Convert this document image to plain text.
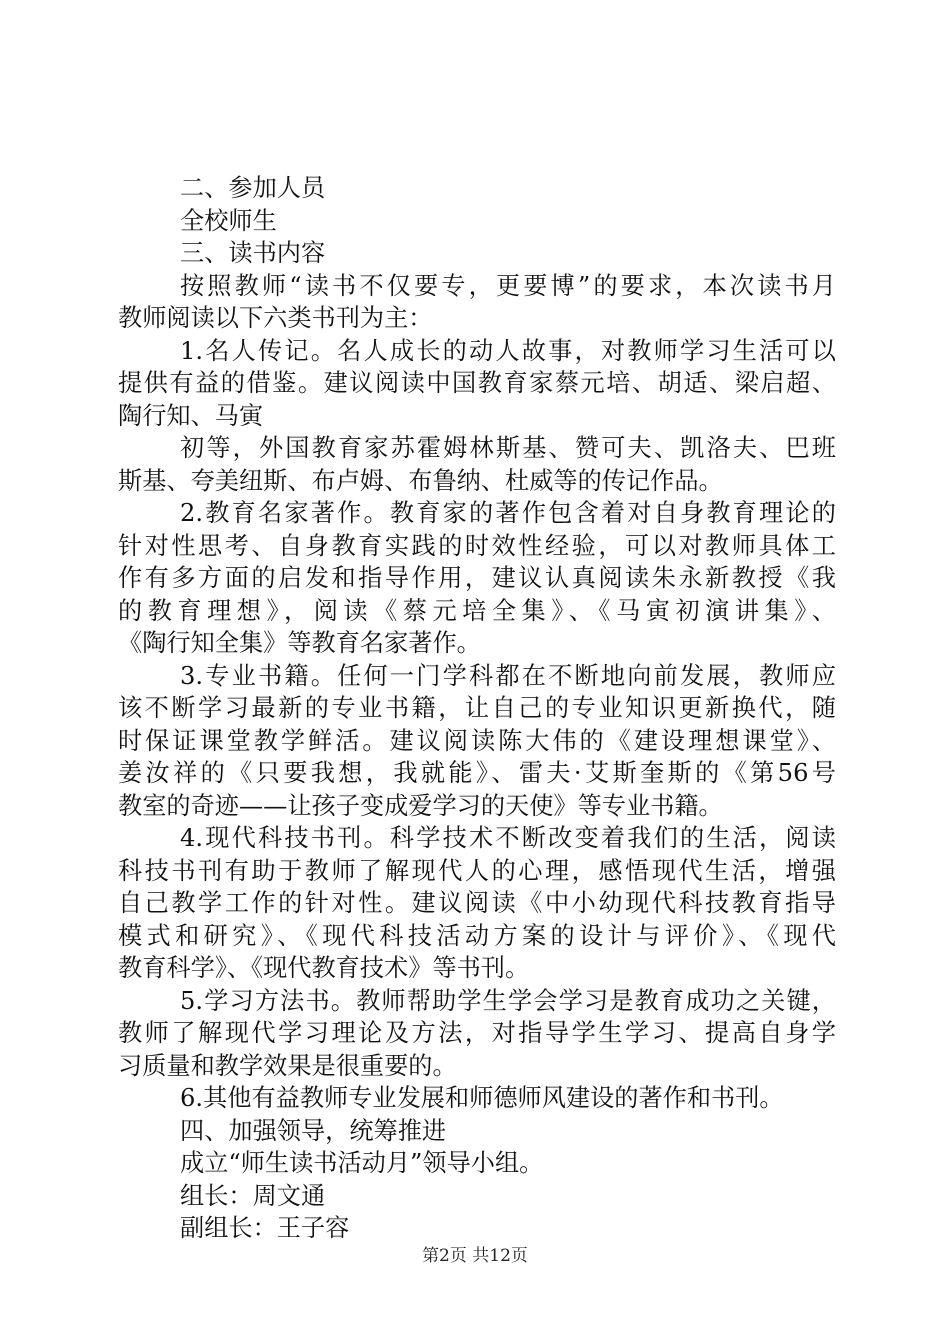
二、参加人员
全校师生
三、读书内容
按照教师“读书不仅要专，更要博”的要求，本次读书月
教师阅读以下六类书刊为主：
1.名人传记。名人成长的动人故事，对教师学习生活可以
提供有益的借鉴。建议阅读中国教育家蔡元培、胡适、梁启超、
陶行知、马寅
初等，外国教育家苏霍姆林斯基、赞可夫、凯洛夫、巴班
斯基、夸美纽斯、布卢姆、布鲁纳、杜威等的传记作品。
2.教育名家著作。教育家的著作包含着对自身教育理论的
针对性思考、自身教育实践的时效性经验，可以对教师具体工
作有多方面的启发和指导作用，建议认真阅读朱永新教授《我
的教育理想》，阅读《蔡元培全集》、《马寅初演讲集》、
《陶行知全集》等教育名家著作。
3.专业书籍。任何一门学科都在不断地向前发展，教师应
该不断学习最新的专业书籍，让自己的专业知识更新换代，随
时保证课堂教学鲜活。建议阅读陈大伟的《建设理想课堂》、
姜汝祥的《只要我想，我就能》、雷夫·艾斯奎斯的《第56号
教室的奇迹——让孩子变成爱学习的天使》等专业书籍。
4.现代科技书刊。科学技术不断改变着我们的生活，阅读
科技书刊有助于教师了解现代人的心理，感悟现代生活，增强
自己教学工作的针对性。建议阅读《中小幼现代科技教育指导
模式和研究》、《现代科技活动方案的设计与评价》、《现代
教育科学》、《现代教育技术》等书刊。
5.学习方法书。教师帮助学生学会学习是教育成功之关键，
教师了解现代学习理论及方法，对指导学生学习、提高自身学
习质量和教学效果是很重要的。
6.其他有益教师专业发展和师德师风建设的著作和书刊。
四、加强领导，统筹推进
成立“师生读书活动月”领导小组。
组长：周文通
副组长：王子容
第2页 共12页
